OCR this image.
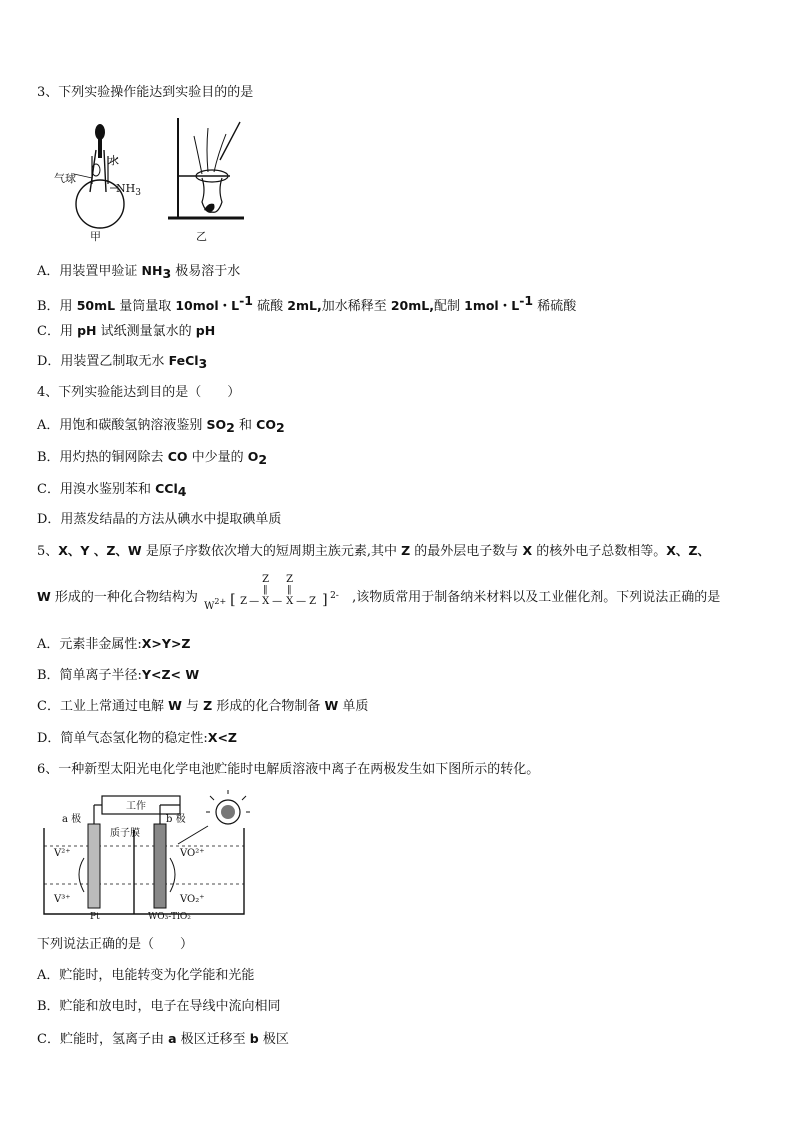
3、下列实验操作能达到实验目的的是
气球
水
$NH_3$
甲	乙
A．用装置甲验证 $NH_3$ 极易溶于水
B．用 50mL 量筒量取 10mol・$L^{-1}$ 硫酸 2mL,加水稀释至 20mL,配制 1mol・$L^{-1}$ 稀硫酸
C．用 pH 试纸测量氯水的 pH
D．用装置乙制取无水 FeCl$_3$
4、下列实验能达到目的是（　　）
A．用饱和碳酸氢钠溶液鉴别 $SO_2$ 和 $CO_2$
B．用灼热的铜网除去 CO 中少量的 $O_2$
C．用溴水鉴别苯和 CCl$_4$
D．用蒸发结晶的方法从碘水中提取碘单质
5、X、Y 、Z、W 是原子序数依次增大的短周期主族元素,其中 Z 的最外层电子数与 X 的核外电子总数相等。X、Z、
W 形成的一种化合物结构为
$W^{2+}$ [ Z — X
Z
‖
— X
Z
‖
— Z ] 2- ,该物质常用于制备纳米材料以及工业催化剂。下列说法正确的是
A．元素非金属性:X>Y>Z
B．简单离子半径:Y<Z< W
C．工业上常通过电解 W 与 Z 形成的化合物制备 W 单质
D．简单气态氢化物的稳定性:X<Z
6、一种新型太阳光电化学电池贮能时电解质溶液中离子在两极发生如下图所示的转化。
a 极	b 极
工作
质子膜
V²⁺
V³⁺
VO²⁺
VO₂⁺
Pt	WO₃-TiO₂
下列说法正确的是（　　）
A．贮能时，电能转变为化学能和光能
B．贮能和放电时，电子在导线中流向相同
C．贮能时，氢离子由 a 极区迁移至 b 极区
